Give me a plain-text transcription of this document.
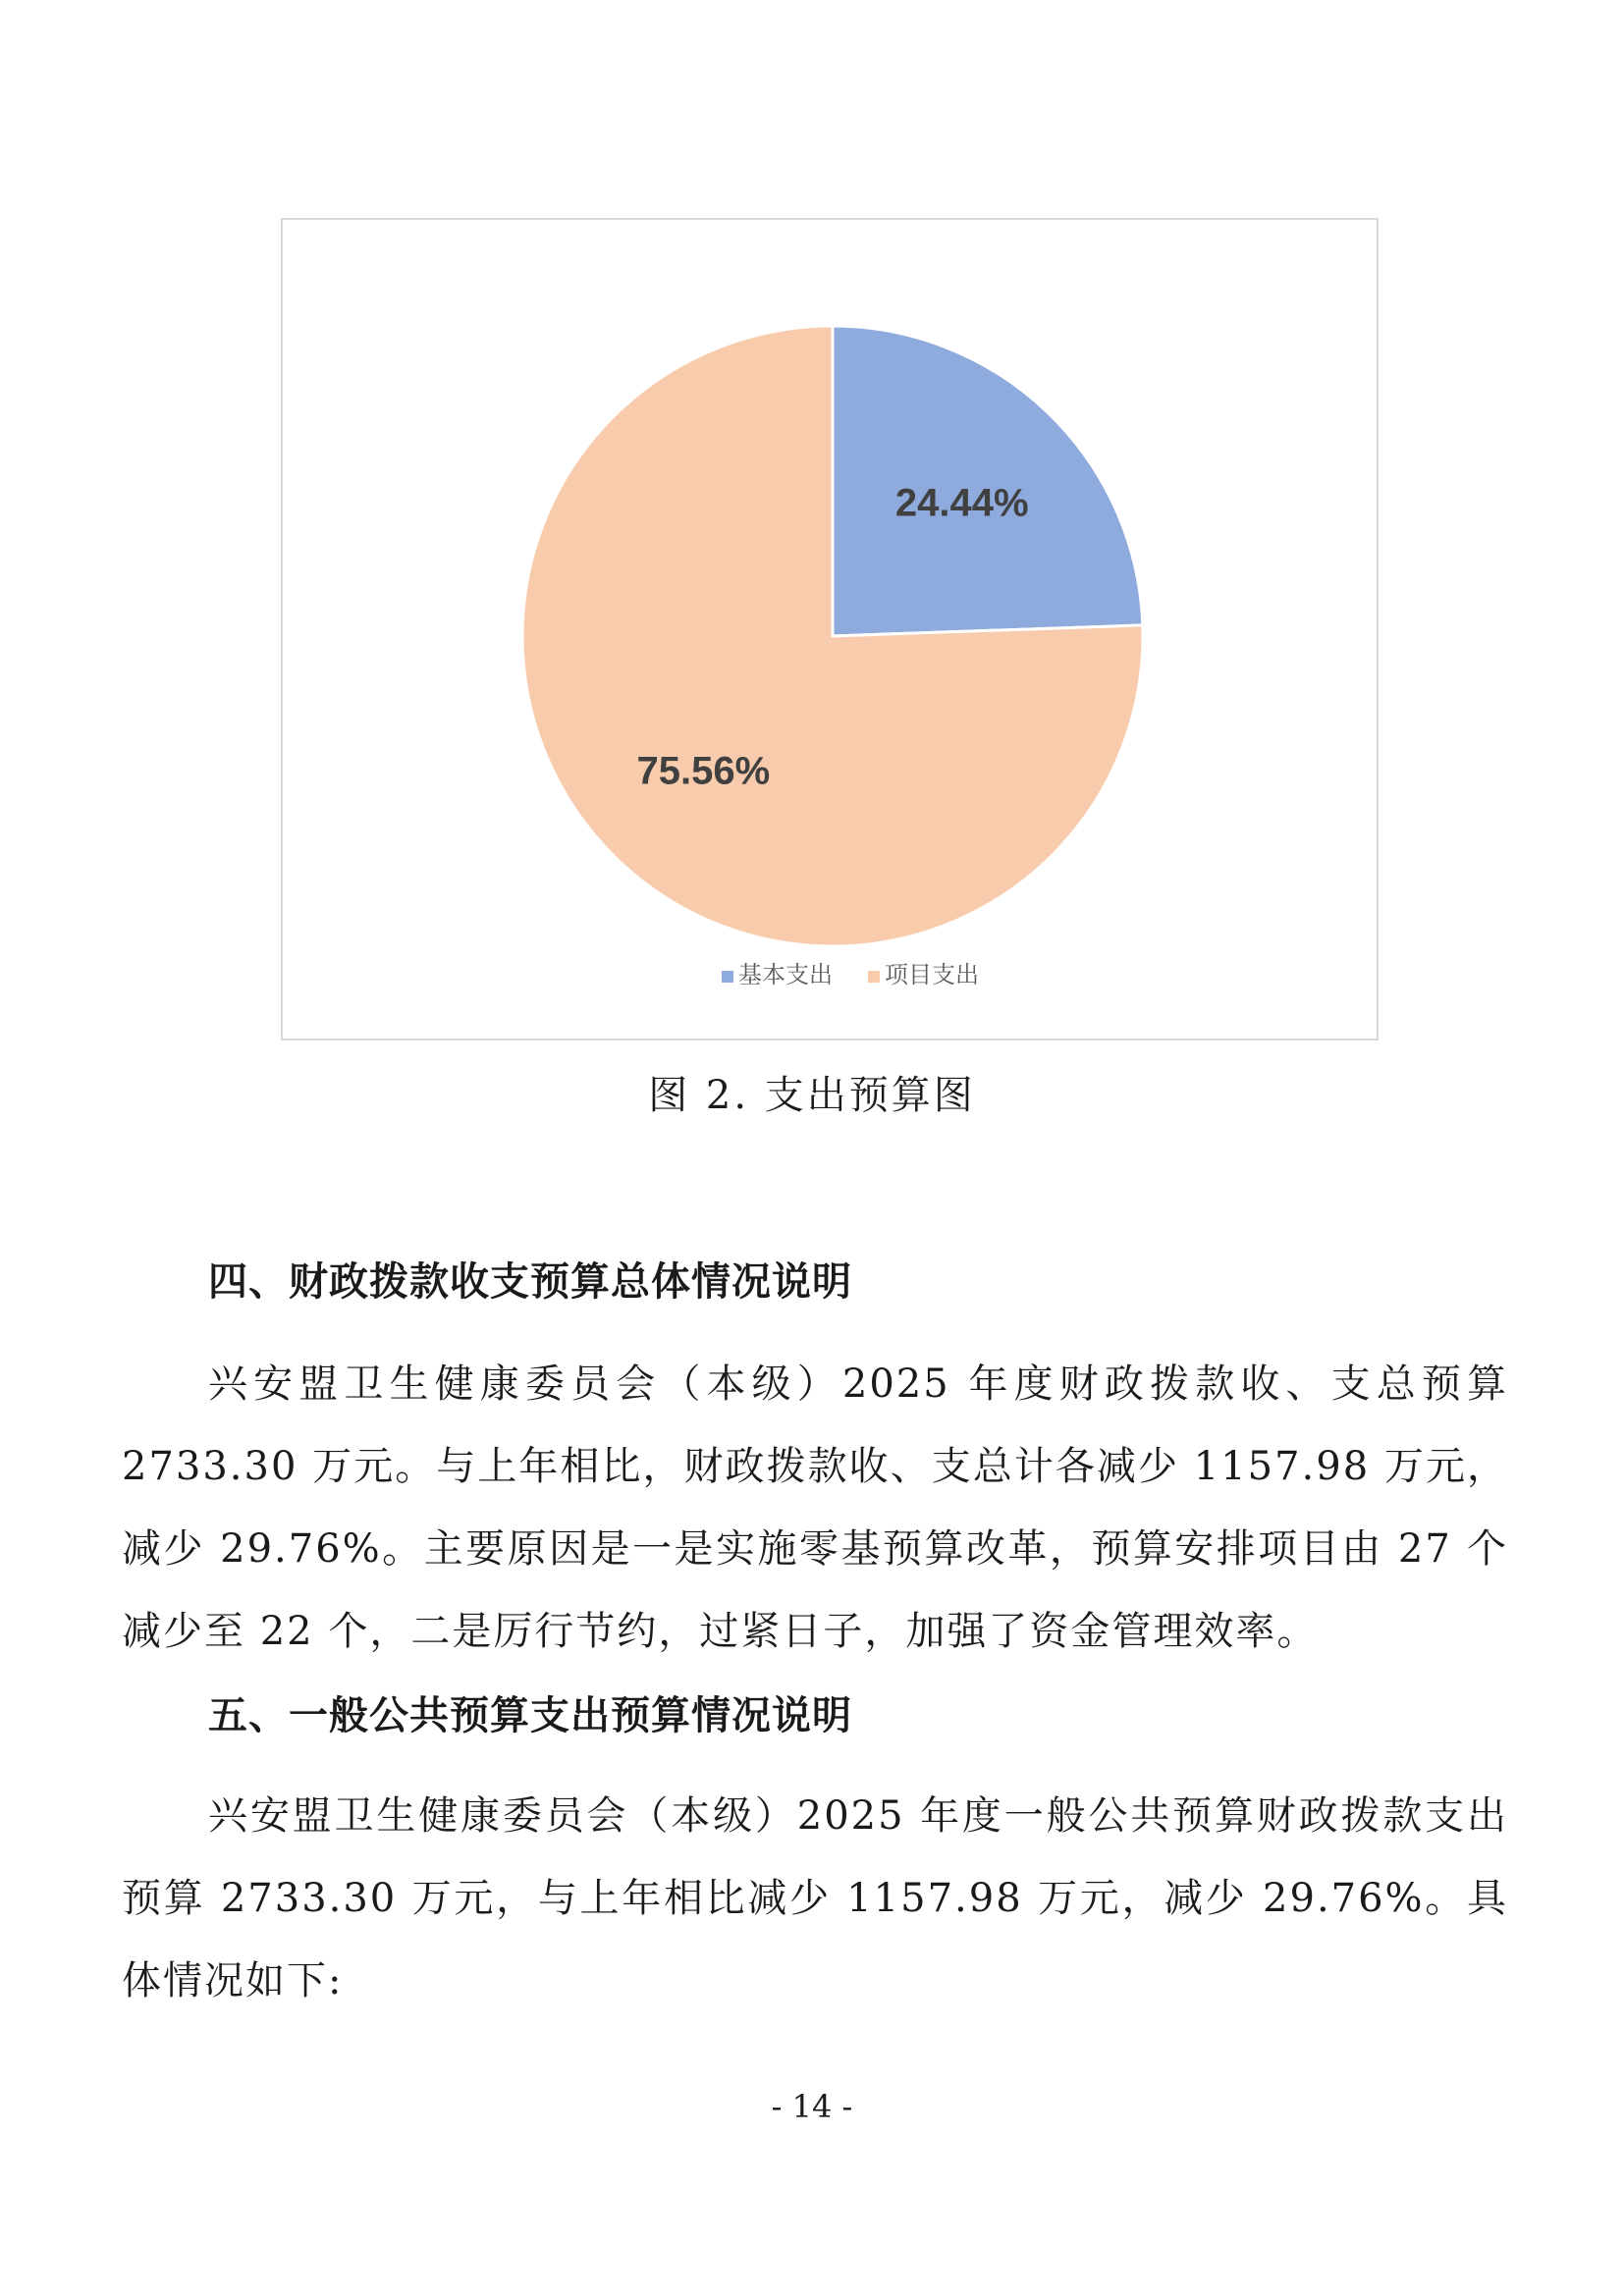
24.44%
75.56%
基本支出 项目支出
图 2. 支出预算图
四、财政拨款收支预算总体情况说明

兴安盟卫生健康委员会（本级）2025 年度财政拨款收、支总预算 2733.30 万元。与上年相比，财政拨款收、支总计各减少 1157.98 万元，减少 29.76%。主要原因是一是实施零基预算改革，预算安排项目由 27 个减少至 22 个，二是厉行节约，过紧日子，加强了资金管理效率。

五、一般公共预算支出预算情况说明

兴安盟卫生健康委员会（本级）2025 年度一般公共预算财政拨款支出预算 2733.30 万元，与上年相比减少 1157.98 万元，减少 29.76%。具体情况如下:

- 14 -
